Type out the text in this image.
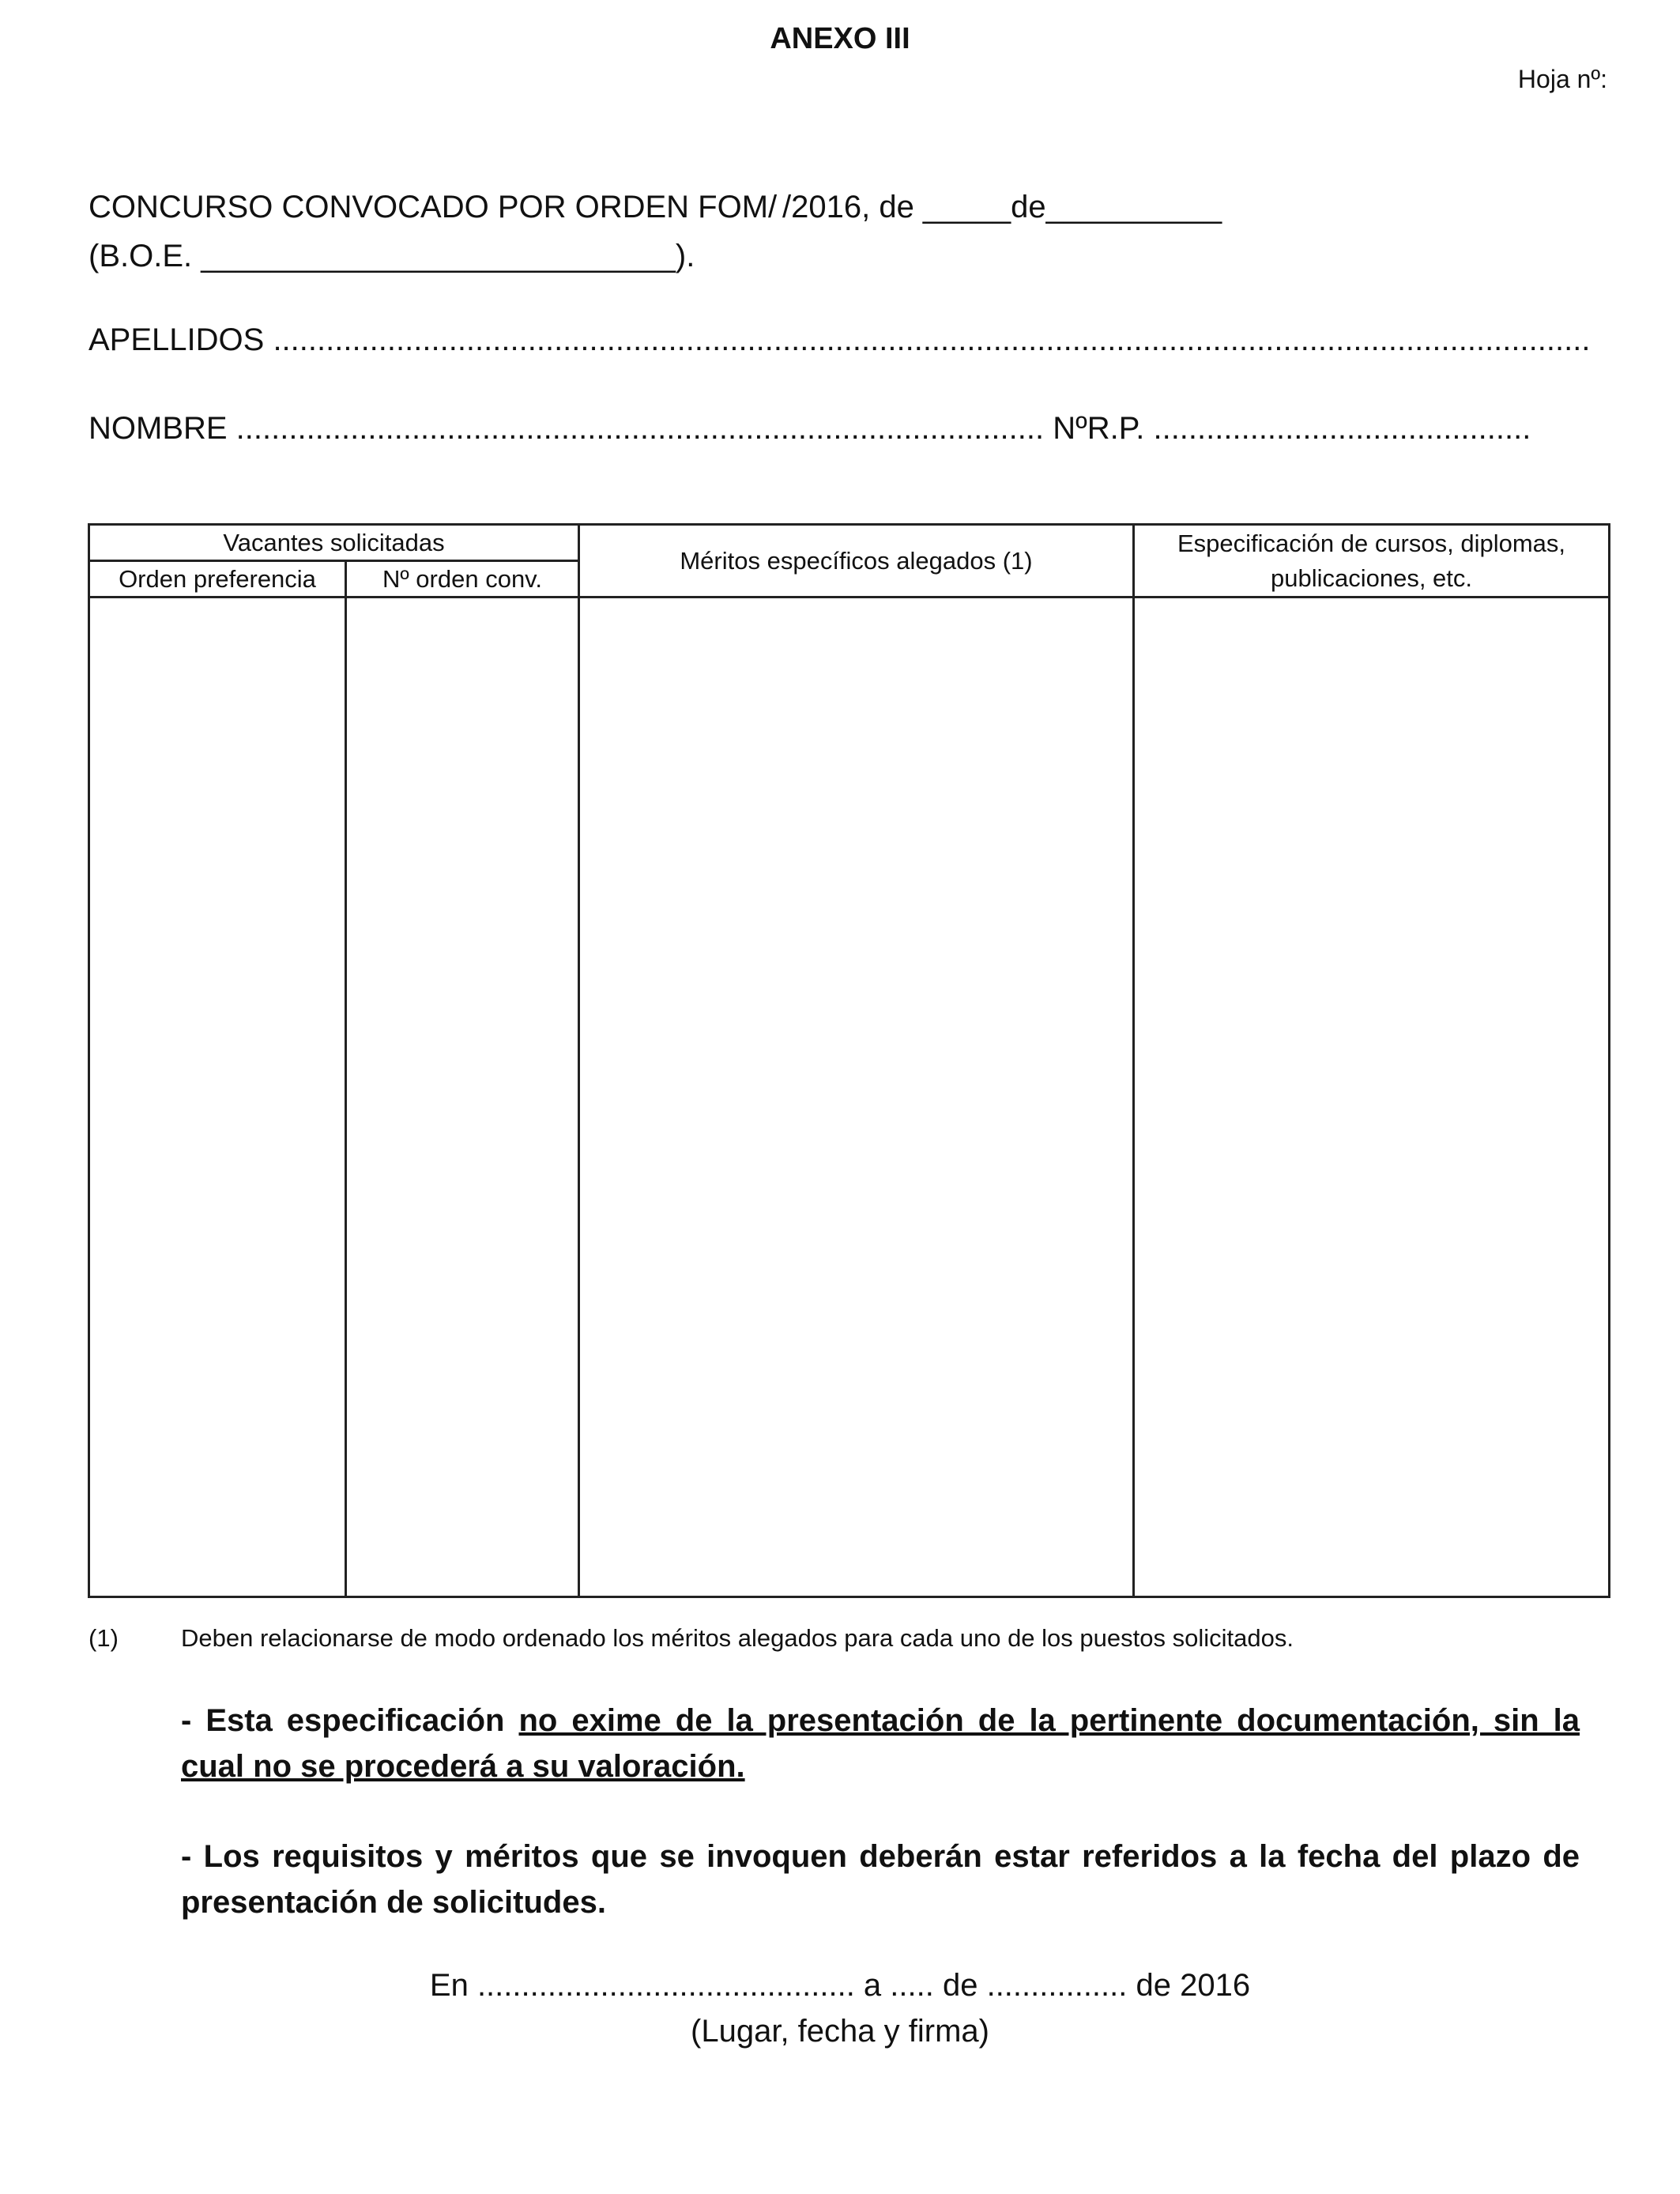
ANEXO III
Hoja nº:
CONCURSO CONVOCADO POR ORDEN FOM/ /2016, de _____de__________
(B.O.E. ___________________________).
APELLIDOS ......................................................................................................................................................
NOMBRE ............................................................................................ NºR.P. ...........................................
Vacantes solicitadas		Méritos específicos alegados (1)	Especificación de cursos, diplomas, publicaciones, etc.
Orden preferencia	Nº orden conv.		

(1)	Deben relacionarse de modo ordenado los méritos alegados para cada uno de los puestos solicitados.
- Esta especificación no exime de la presentación de la pertinente documentación, sin la cual no se procederá a su valoración.
- Los requisitos y méritos que se invoquen deberán estar referidos a la fecha del plazo de presentación de solicitudes.
En ........................................... a ..... de ................ de 2016
(Lugar, fecha y firma)
